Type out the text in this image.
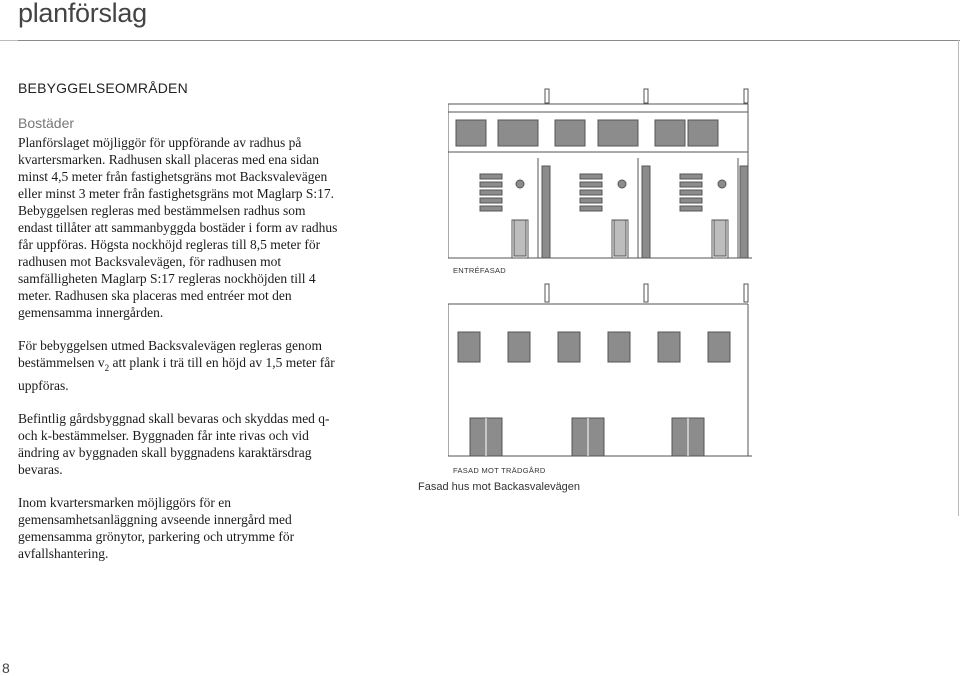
planförslag
BEBYGGELSEOMRÅDEN
Bostäder

Planförslaget möjliggör för uppförande av radhus på kvartersmarken. Radhusen skall placeras med ena sidan minst 4,5 meter från fastighetsgräns mot Backsvalevägen eller minst 3 meter från fastighetsgräns mot Maglarp S:17. Bebyggelsen regleras med bestämmelsen radhus som endast tillåter att sammanbyggda bostäder i form av radhus får uppföras. Högsta nockhöjd regleras till 8,5 meter för radhusen mot Backsvalevägen, för radhusen mot samfälligheten Maglarp S:17 regleras nockhöjden till 4 meter. Radhusen ska placeras med entréer mot den gemensamma innergården.

För bebyggelsen utmed Backsvalevägen regleras genom bestämmelsen $v_2$ att plank i trä till en höjd av 1,5 meter får uppföras.

Befintlig gårdsbyggnad skall bevaras och skyddas med q- och k-bestämmelser. Byggnaden får inte rivas och vid ändring av byggnaden skall byggnadens karaktärsdrag bevaras.

Inom kvartersmarken möjliggörs för en gemensamhetsanläggning avseende innergård med gemensamma grönytor, parkering och utrymme för avfallshantering.

ENTRÉFASAD
FASAD MOT TRÄDGÅRD
Fasad hus mot Backasvalevägen
8
